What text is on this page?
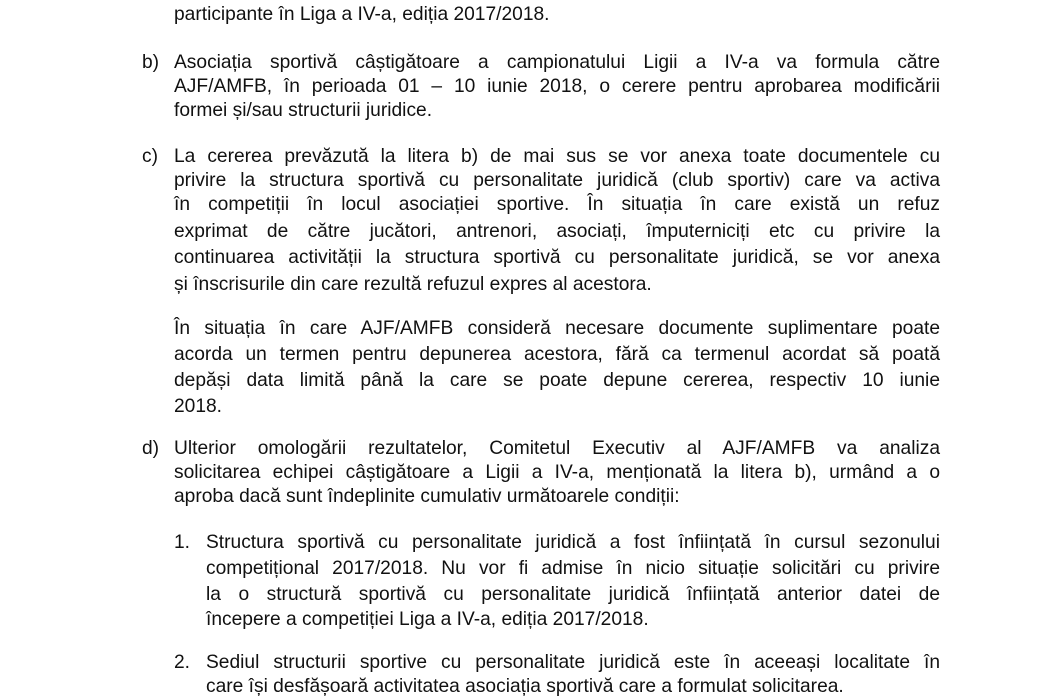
participante în Liga a IV-a, ediția 2017/2018.
b) Asociația sportivă câștigătoare a campionatului Ligii a IV-a va formula către
AJF/AMFB, în perioada 01 – 10 iunie 2018, o cerere pentru aprobarea modificării
formei și/sau structurii juridice.
c) La cererea prevăzută la litera b) de mai sus se vor anexa toate documentele cu
privire la structura sportivă cu personalitate juridică (club sportiv) care va activa
în competiții în locul asociației sportive. În situația în care există un refuz
exprimat de către jucători, antrenori, asociați, împuterniciți etc cu privire la
continuarea activității la structura sportivă cu personalitate juridică, se vor anexa
și înscrisurile din care rezultă refuzul expres al acestora.
În situația în care AJF/AMFB consideră necesare documente suplimentare poate
acorda un termen pentru depunerea acestora, fără ca termenul acordat să poată
depăși data limită până la care se poate depune cererea, respectiv 10 iunie
2018.
d) Ulterior omologării rezultatelor, Comitetul Executiv al AJF/AMFB va analiza
solicitarea echipei câștigătoare a Ligii a IV-a, menționată la litera b), urmând a o
aproba dacă sunt îndeplinite cumulativ următoarele condiții:
1. Structura sportivă cu personalitate juridică a fost înființată în cursul sezonului
competițional 2017/2018. Nu vor fi admise în nicio situație solicitări cu privire
la o structură sportivă cu personalitate juridică înființată anterior datei de
începere a competiției Liga a IV-a, ediția 2017/2018.
2. Sediul structurii sportive cu personalitate juridică este în aceeași localitate în
care își desfășoară activitatea asociația sportivă care a formulat solicitarea.
